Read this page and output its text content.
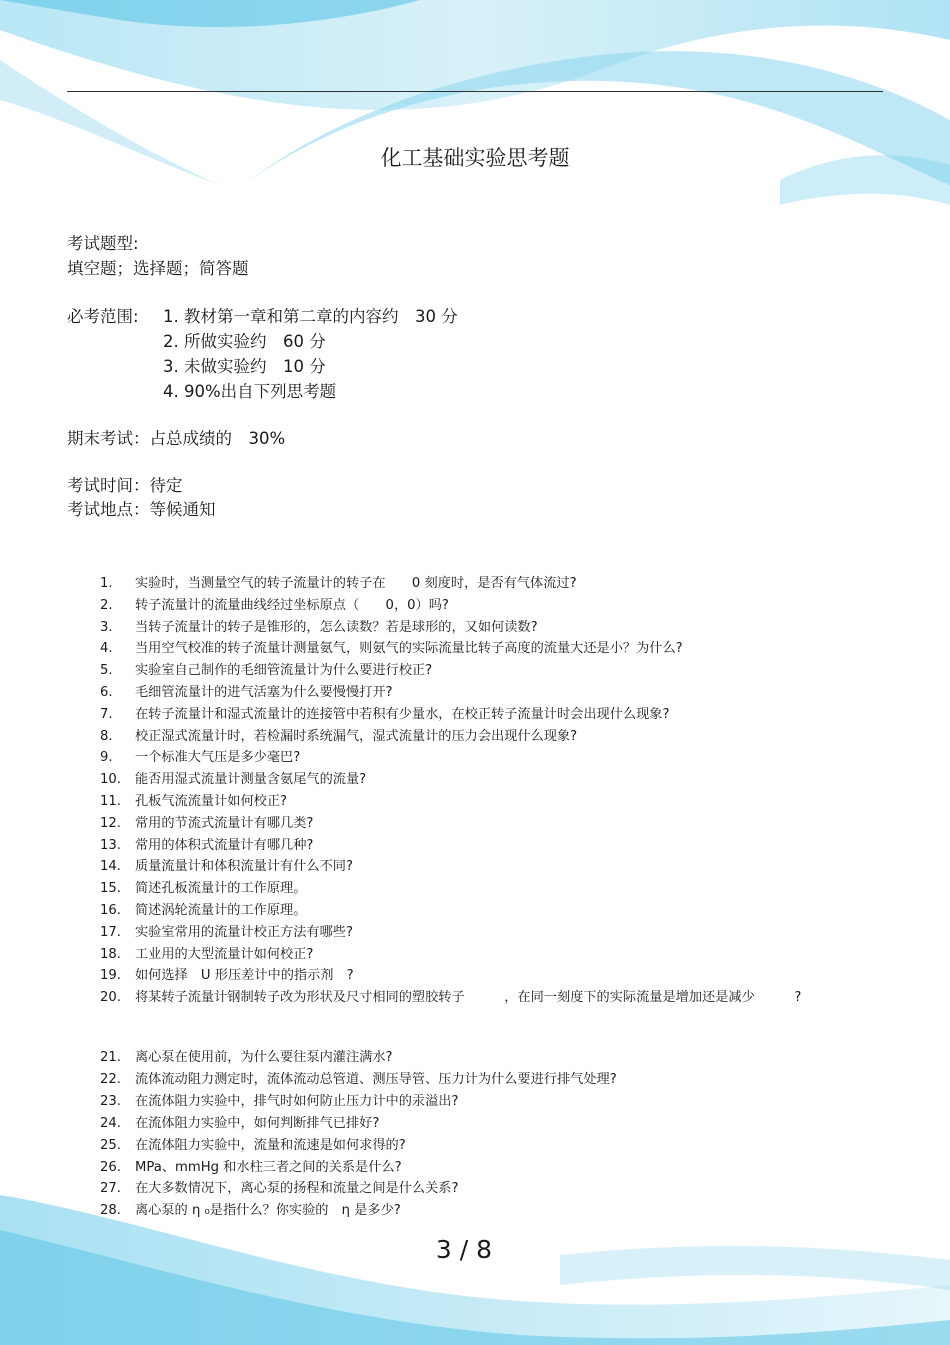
化工基础实验思考题
考试题型:
填空题；选择题；简答题
必考范围: 1. 教材第一章和第二章的内容约　30 分
2. 所做实验约　60 分
3. 未做实验约　10 分
4. 90%出自下列思考题
期末考试：占总成绩的　30%
考试时间：待定
考试地点：等候通知
1.	实验时，当测量空气的转子流量计的转子在　　0 刻度时，是否有气体流过?
2.	转子流量计的流量曲线经过坐标原点（　　0，0）吗?
3.	当转子流量计的转子是锥形的，怎么读数？若是球形的，又如何读数?
4.	当用空气校准的转子流量计测量氨气，则氨气的实际流量比转子高度的流量大还是小？为什么?
5.	实验室自己制作的毛细管流量计为什么要进行校正?
6.	毛细管流量计的进气活塞为什么要慢慢打开?
7.	在转子流量计和湿式流量计的连接管中若积有少量水，在校正转子流量计时会出现什么现象?
8.	校正湿式流量计时，若检漏时系统漏气，湿式流量计的压力会出现什么现象?
9.	一个标准大气压是多少毫巴?
10.	能否用湿式流量计测量含氨尾气的流量?
11.	孔板气流流量计如何校正?
12.	常用的节流式流量计有哪几类?
13.	常用的体积式流量计有哪几种?
14.	质量流量计和体积流量计有什么不同?
15.	简述孔板流量计的工作原理。
16.	简述涡轮流量计的工作原理。
17.	实验室常用的流量计校正方法有哪些?
18.	工业用的大型流量计如何校正?
19.	如何选择　U 形压差计中的指示剂　?
20.	将某转子流量计钢制转子改为形状及尺寸相同的塑胶转子　　　，在同一刻度下的实际流量是增加还是减少　　　?
21.	离心泵在使用前，为什么要往泵内灌注满水?
22.	流体流动阻力测定时，流体流动总管道、测压导管、压力计为什么要进行排气处理?
23.	在流体阻力实验中，排气时如何防止压力计中的汞溢出?
24.	在流体阻力实验中，如何判断排气已排好?
25.	在流体阻力实验中，流量和流速是如何求得的?
26.	MPa、mmHg 和水柱三者之间的关系是什么?
27.	在大多数情况下，离心泵的扬程和流量之间是什么关系?
28.	离心泵的 η ₀是指什么？你实验的　η 是多少?
3 / 8
